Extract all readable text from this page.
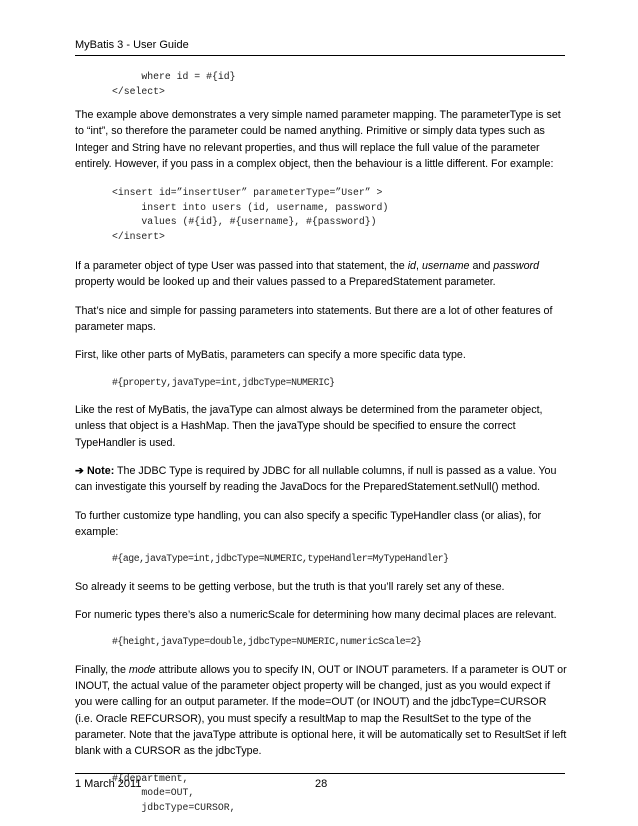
MyBatis 3 - User Guide
where id = #{id}
</select>

The example above demonstrates a very simple named parameter mapping. The parameterType is set to “int”, so therefore the parameter could be named anything. Primitive or simply data types such as Integer and String have no relevant properties, and thus will replace the full value of the parameter entirely. However, if you pass in a complex object, then the behaviour is a little different. For example:

<insert id=”insertUser” parameterType=”User” >
insert into users (id, username, password)
values (#{id}, #{username}, #{password})
</insert>

If a parameter object of type User was passed into that statement, the id, username and password property would be looked up and their values passed to a PreparedStatement parameter.

That’s nice and simple for passing parameters into statements. But there are a lot of other features of parameter maps.

First, like other parts of MyBatis, parameters can specify a more specific data type.

#{property,javaType=int,jdbcType=NUMERIC}

Like the rest of MyBatis, the javaType can almost always be determined from the parameter object, unless that object is a HashMap. Then the javaType should be specified to ensure the correct TypeHandler is used.

➔ Note: The JDBC Type is required by JDBC for all nullable columns, if null is passed as a value. You can investigate this yourself by reading the JavaDocs for the PreparedStatement.setNull() method.

To further customize type handling, you can also specify a specific TypeHandler class (or alias), for example:

#{age,javaType=int,jdbcType=NUMERIC,typeHandler=MyTypeHandler}

So already it seems to be getting verbose, but the truth is that you’ll rarely set any of these.

For numeric types there’s also a numericScale for determining how many decimal places are relevant.

#{height,javaType=double,jdbcType=NUMERIC,numericScale=2}

Finally, the mode attribute allows you to specify IN, OUT or INOUT parameters. If a parameter is OUT or INOUT, the actual value of the parameter object property will be changed, just as you would expect if you were calling for an output parameter. If the mode=OUT (or INOUT) and the jdbcType=CURSOR (i.e. Oracle REFCURSOR), you must specify a resultMap to map the ResultSet to the type of the parameter. Note that the javaType attribute is optional here, it will be automatically set to ResultSet if left blank with a CURSOR as the jdbcType.

#{department,
mode=OUT,
jdbcType=CURSOR,
1 March 2011	28
